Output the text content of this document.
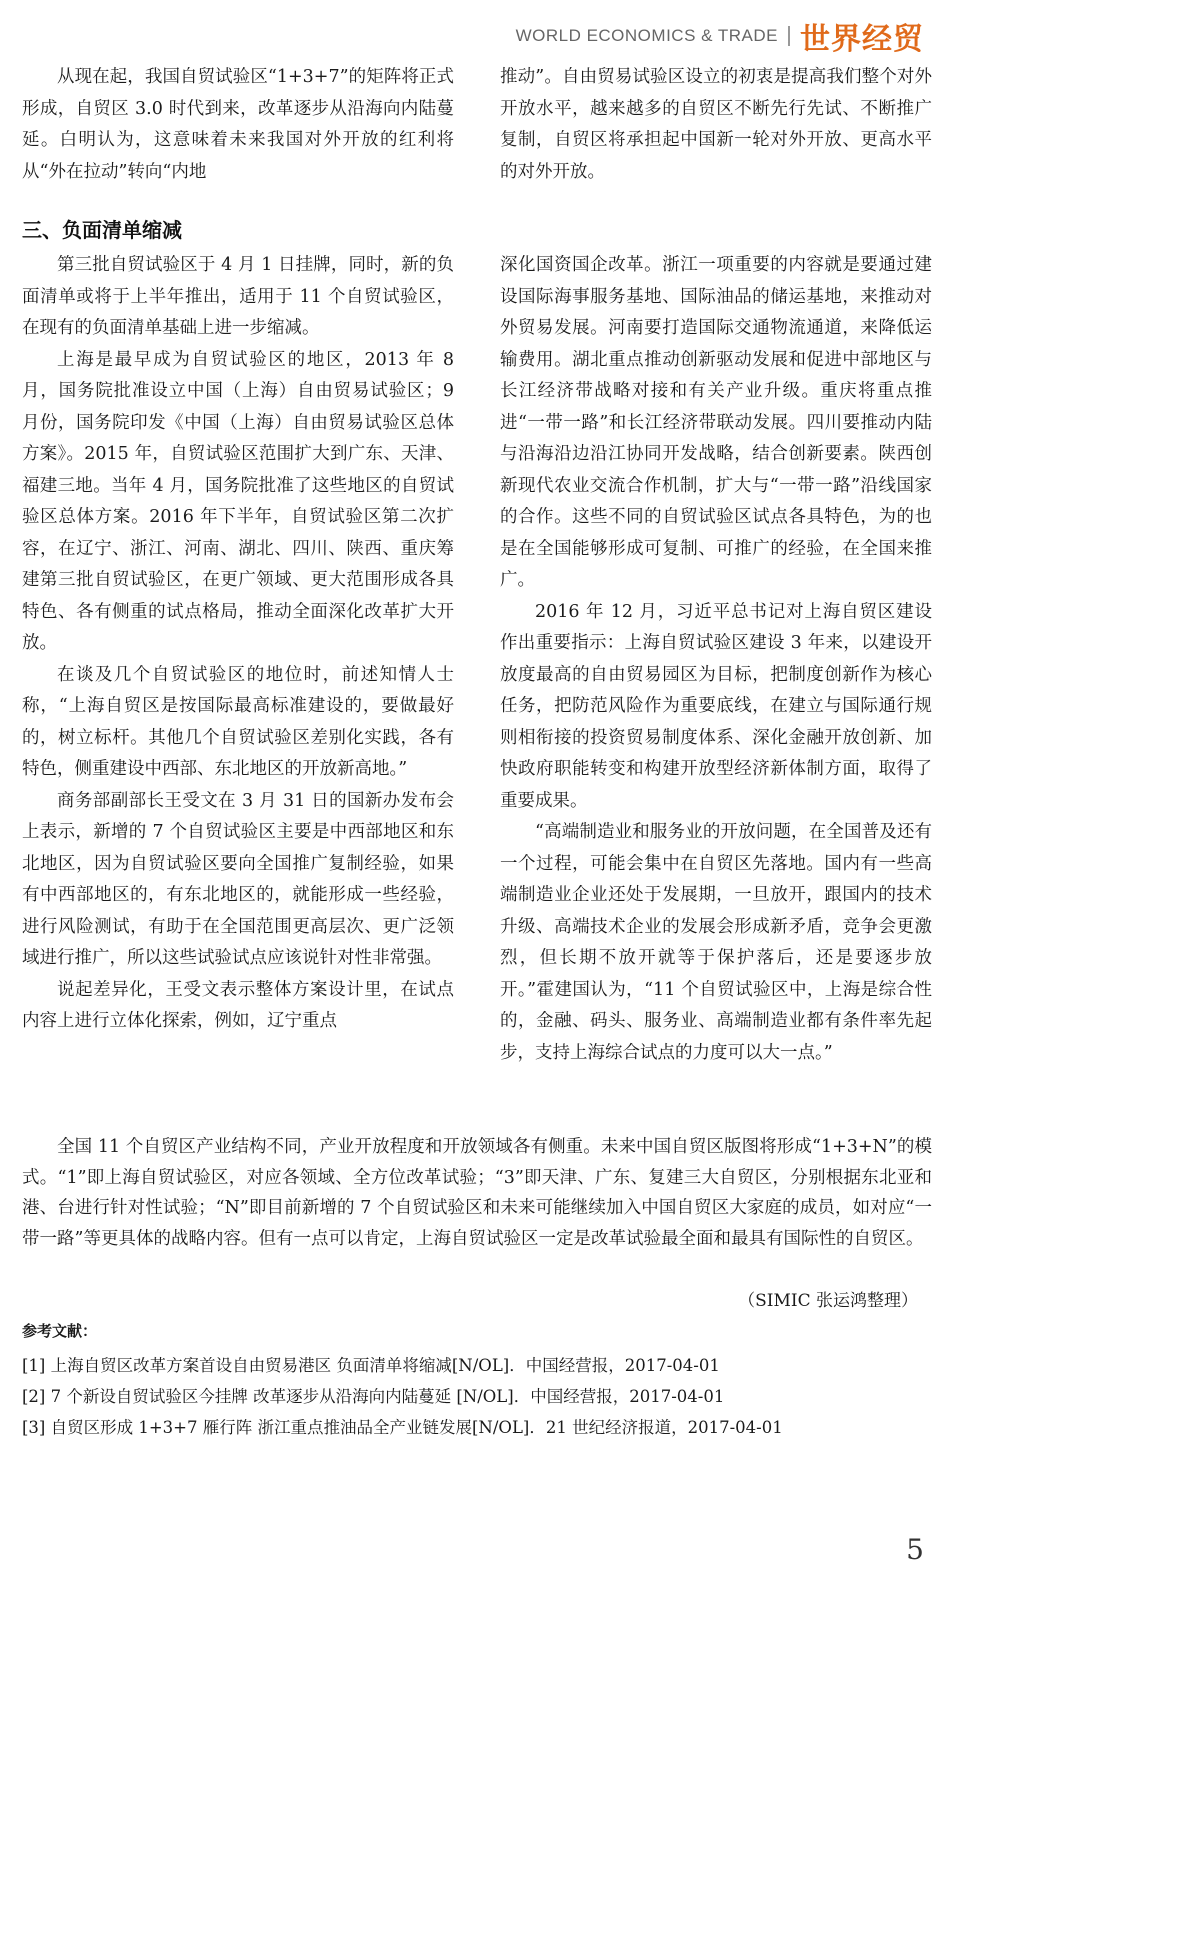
WORLD ECONOMICS & TRADE 世界经贸

从现在起，我国自贸试验区“1+3+7”的矩阵将正式形成，自贸区 3.0 时代到来，改革逐步从沿海向内陆蔓延。白明认为，这意味着未来我国对外开放的红利将从“外在拉动”转向“内地

推动”。自由贸易试验区设立的初衷是提高我们整个对外开放水平，越来越多的自贸区不断先行先试、不断推广复制，自贸区将承担起中国新一轮对外开放、更高水平的对外开放。

三、负面清单缩减

第三批自贸试验区于 4 月 1 日挂牌，同时，新的负面清单或将于上半年推出，适用于 11 个自贸试验区，在现有的负面清单基础上进一步缩减。

上海是最早成为自贸试验区的地区，2013 年 8 月，国务院批准设立中国（上海）自由贸易试验区；9 月份，国务院印发《中国（上海）自由贸易试验区总体方案》。2015 年，自贸试验区范围扩大到广东、天津、福建三地。当年 4 月，国务院批准了这些地区的自贸试验区总体方案。2016 年下半年，自贸试验区第二次扩容，在辽宁、浙江、河南、湖北、四川、陕西、重庆筹建第三批自贸试验区，在更广领域、更大范围形成各具特色、各有侧重的试点格局，推动全面深化改革扩大开放。

在谈及几个自贸试验区的地位时，前述知情人士称，“上海自贸区是按国际最高标准建设的，要做最好的，树立标杆。其他几个自贸试验区差别化实践，各有特色，侧重建设中西部、东北地区的开放新高地。”

商务部副部长王受文在 3 月 31 日的国新办发布会上表示，新增的 7 个自贸试验区主要是中西部地区和东北地区，因为自贸试验区要向全国推广复制经验，如果有中西部地区的，有东北地区的，就能形成一些经验，进行风险测试，有助于在全国范围更高层次、更广泛领域进行推广，所以这些试验试点应该说针对性非常强。

说起差异化，王受文表示整体方案设计里，在试点内容上进行立体化探索，例如，辽宁重点

深化国资国企改革。浙江一项重要的内容就是要通过建设国际海事服务基地、国际油品的储运基地，来推动对外贸易发展。河南要打造国际交通物流通道，来降低运输费用。湖北重点推动创新驱动发展和促进中部地区与长江经济带战略对接和有关产业升级。重庆将重点推进“一带一路”和长江经济带联动发展。四川要推动内陆与沿海沿边沿江协同开发战略，结合创新要素。陕西创新现代农业交流合作机制，扩大与“一带一路”沿线国家的合作。这些不同的自贸试验区试点各具特色，为的也是在全国能够形成可复制、可推广的经验，在全国来推广。

2016 年 12 月，习近平总书记对上海自贸区建设作出重要指示：上海自贸试验区建设 3 年来，以建设开放度最高的自由贸易园区为目标，把制度创新作为核心任务，把防范风险作为重要底线，在建立与国际通行规则相衔接的投资贸易制度体系、深化金融开放创新、加快政府职能转变和构建开放型经济新体制方面，取得了重要成果。

“高端制造业和服务业的开放问题，在全国普及还有一个过程，可能会集中在自贸区先落地。国内有一些高端制造业企业还处于发展期，一旦放开，跟国内的技术升级、高端技术企业的发展会形成新矛盾，竞争会更激烈，但长期不放开就等于保护落后，还是要逐步放开。”霍建国认为，“11 个自贸试验区中，上海是综合性的，金融、码头、服务业、高端制造业都有条件率先起步，支持上海综合试点的力度可以大一点。”

全国 11 个自贸区产业结构不同，产业开放程度和开放领域各有侧重。未来中国自贸区版图将形成“1+3+N”的模式。“1”即上海自贸试验区，对应各领域、全方位改革试验；“3”即天津、广东、复建三大自贸区，分别根据东北亚和港、台进行针对性试验；“N”即目前新增的 7 个自贸试验区和未来可能继续加入中国自贸区大家庭的成员，如对应“一带一路”等更具体的战略内容。但有一点可以肯定，上海自贸试验区一定是改革试验最全面和最具有国际性的自贸区。

（SIMIC 张运鸿整理）
参考文献：
[1] 上海自贸区改革方案首设自由贸易港区 负面清单将缩减[N/OL]．中国经营报，2017-04-01
[2] 7 个新设自贸试验区今挂牌 改革逐步从沿海向内陆蔓延 [N/OL]．中国经营报，2017-04-01
[3] 自贸区形成 1+3+7 雁行阵 浙江重点推油品全产业链发展[N/OL]．21 世纪经济报道，2017-04-01
5
